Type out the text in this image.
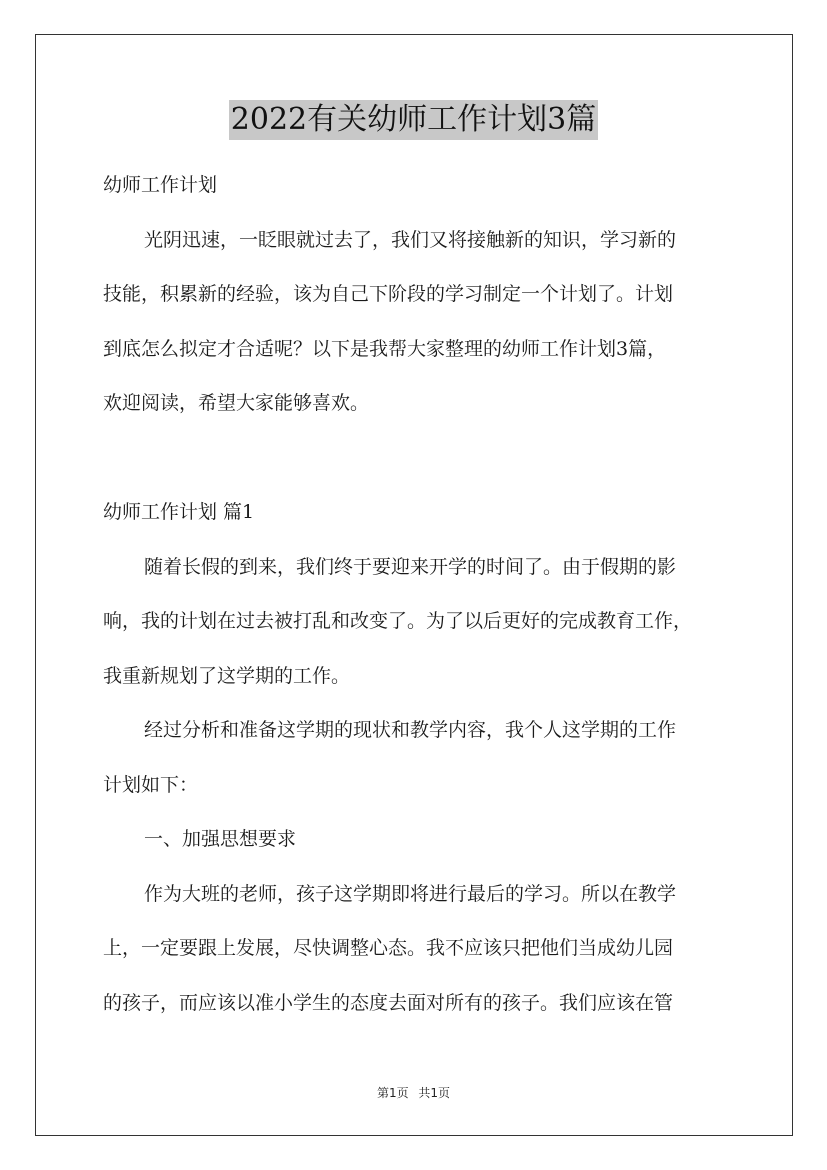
2022有关幼师工作计划3篇

幼师工作计划

光阴迅速，一眨眼就过去了，我们又将接触新的知识，学习新的

技能，积累新的经验，该为自己下阶段的学习制定一个计划了。计划

到底怎么拟定才合适呢？以下是我帮大家整理的幼师工作计划3篇，

欢迎阅读，希望大家能够喜欢。

幼师工作计划 篇1

随着长假的到来，我们终于要迎来开学的时间了。由于假期的影

响，我的计划在过去被打乱和改变了。为了以后更好的完成教育工作，

我重新规划了这学期的工作。

经过分析和准备这学期的现状和教学内容，我个人这学期的工作

计划如下：

一、加强思想要求

作为大班的老师，孩子这学期即将进行最后的学习。所以在教学

上，一定要跟上发展，尽快调整心态。我不应该只把他们当成幼儿园

的孩子，而应该以准小学生的态度去面对所有的孩子。我们应该在管

第1页 共1页
